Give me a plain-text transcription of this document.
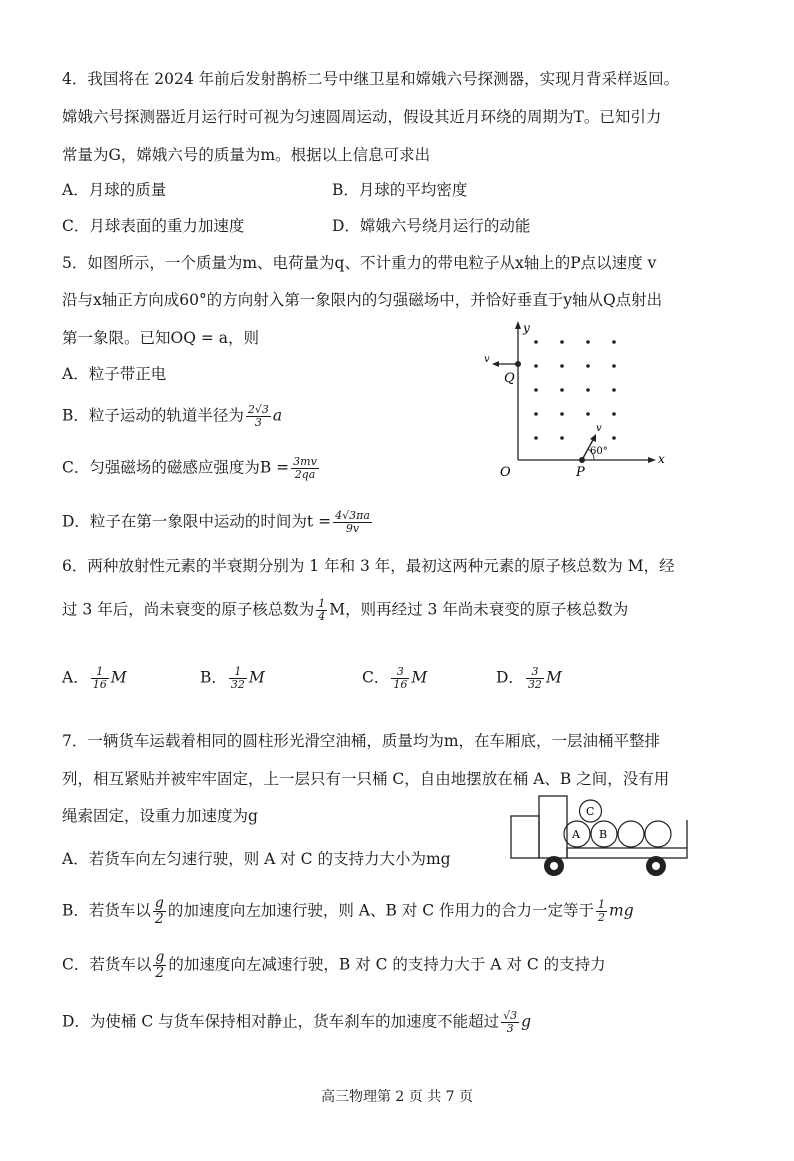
4．我国将在 2024 年前后发射鹊桥二号中继卫星和嫦娥六号探测器，实现月背采样返回。
嫦娥六号探测器近月运行时可视为匀速圆周运动，假设其近月环绕的周期为T。已知引力
常量为G，嫦娥六号的质量为m。根据以上信息可求出
A．月球的质量	B．月球的平均密度
C．月球表面的重力加速度	D．嫦娥六号绕月运行的动能
5．如图所示，一个质量为m、电荷量为q、不计重力的带电粒子从x轴上的P点以速度 v
沿与x轴正方向成60°的方向射入第一象限内的匀强磁场中，并恰好垂直于y轴从Q点射出
第一象限。已知OQ = a，则
A．粒子带正电
B．粒子运动的轨道半径为 $\frac{2√3}{3}$ a
C．匀强磁场的磁感应强度为$B = \frac{3mv}{2qa}$
D．粒子在第一象限中运动的时间为$t = \frac{4√3\pi a}{9v}$
v
v
60°
y
x
O	P
Q
6．两种放射性元素的半衰期分别为 1 年和 3 年，最初这两种元素的原子核总数为 M，经
过 3 年后，尚未衰变的原子核总数为 $\frac{1}{4}$ M，则再经过 3 年尚未衰变的原子核总数为
A． $\frac{1}{16}$ M	B． $\frac{1}{32}$ M	C． $\frac{3}{16}$ M	D． $\frac{3}{32}$ M
7．一辆货车运载着相同的圆柱形光滑空油桶，质量均为m，在车厢底，一层油桶平整排
列，相互紧贴并被牢牢固定，上一层只有一只桶 C，自由地摆放在桶 A、B 之间，没有用
绳索固定，设重力加速度为g
A．若货车向左匀速行驶，则 A 对 C 的支持力大小为mg
B．若货车以 $\frac{g}{2}$ 的加速度向左加速行驶，则 A、B 对 C 作用力的合力一定等于 $\frac{1}{2}$ mg
C．若货车以 $\frac{g}{2}$ 的加速度向左减速行驶，B 对 C 的支持力大于 A 对 C 的支持力
D．为使桶 C 与货车保持相对静止，货车刹车的加速度不能超过 $\frac{√3}{3}$ g
A B
C
高三物理第 2 页 共 7 页
